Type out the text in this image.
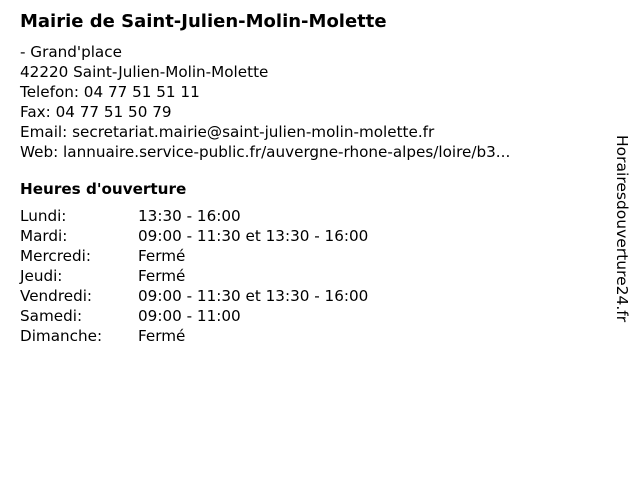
Mairie de Saint-Julien-Molin-Molette
- Grand'place
42220 Saint-Julien-Molin-Molette
Telefon: 04 77 51 51 11
Fax: 04 77 51 50 79
Email: secretariat.mairie@saint-julien-molin-molette.fr
Web: lannuaire.service-public.fr/auvergne-rhone-alpes/loire/b3...
Heures d'ouverture
Lundi:	13:30 - 16:00
Mardi:	09:00 - 11:30 et 13:30 - 16:00
Mercredi:	Fermé
Jeudi:	Fermé
Vendredi:	09:00 - 11:30 et 13:30 - 16:00
Samedi:	09:00 - 11:00
Dimanche:	Fermé
Horairesdouverture24.fr
